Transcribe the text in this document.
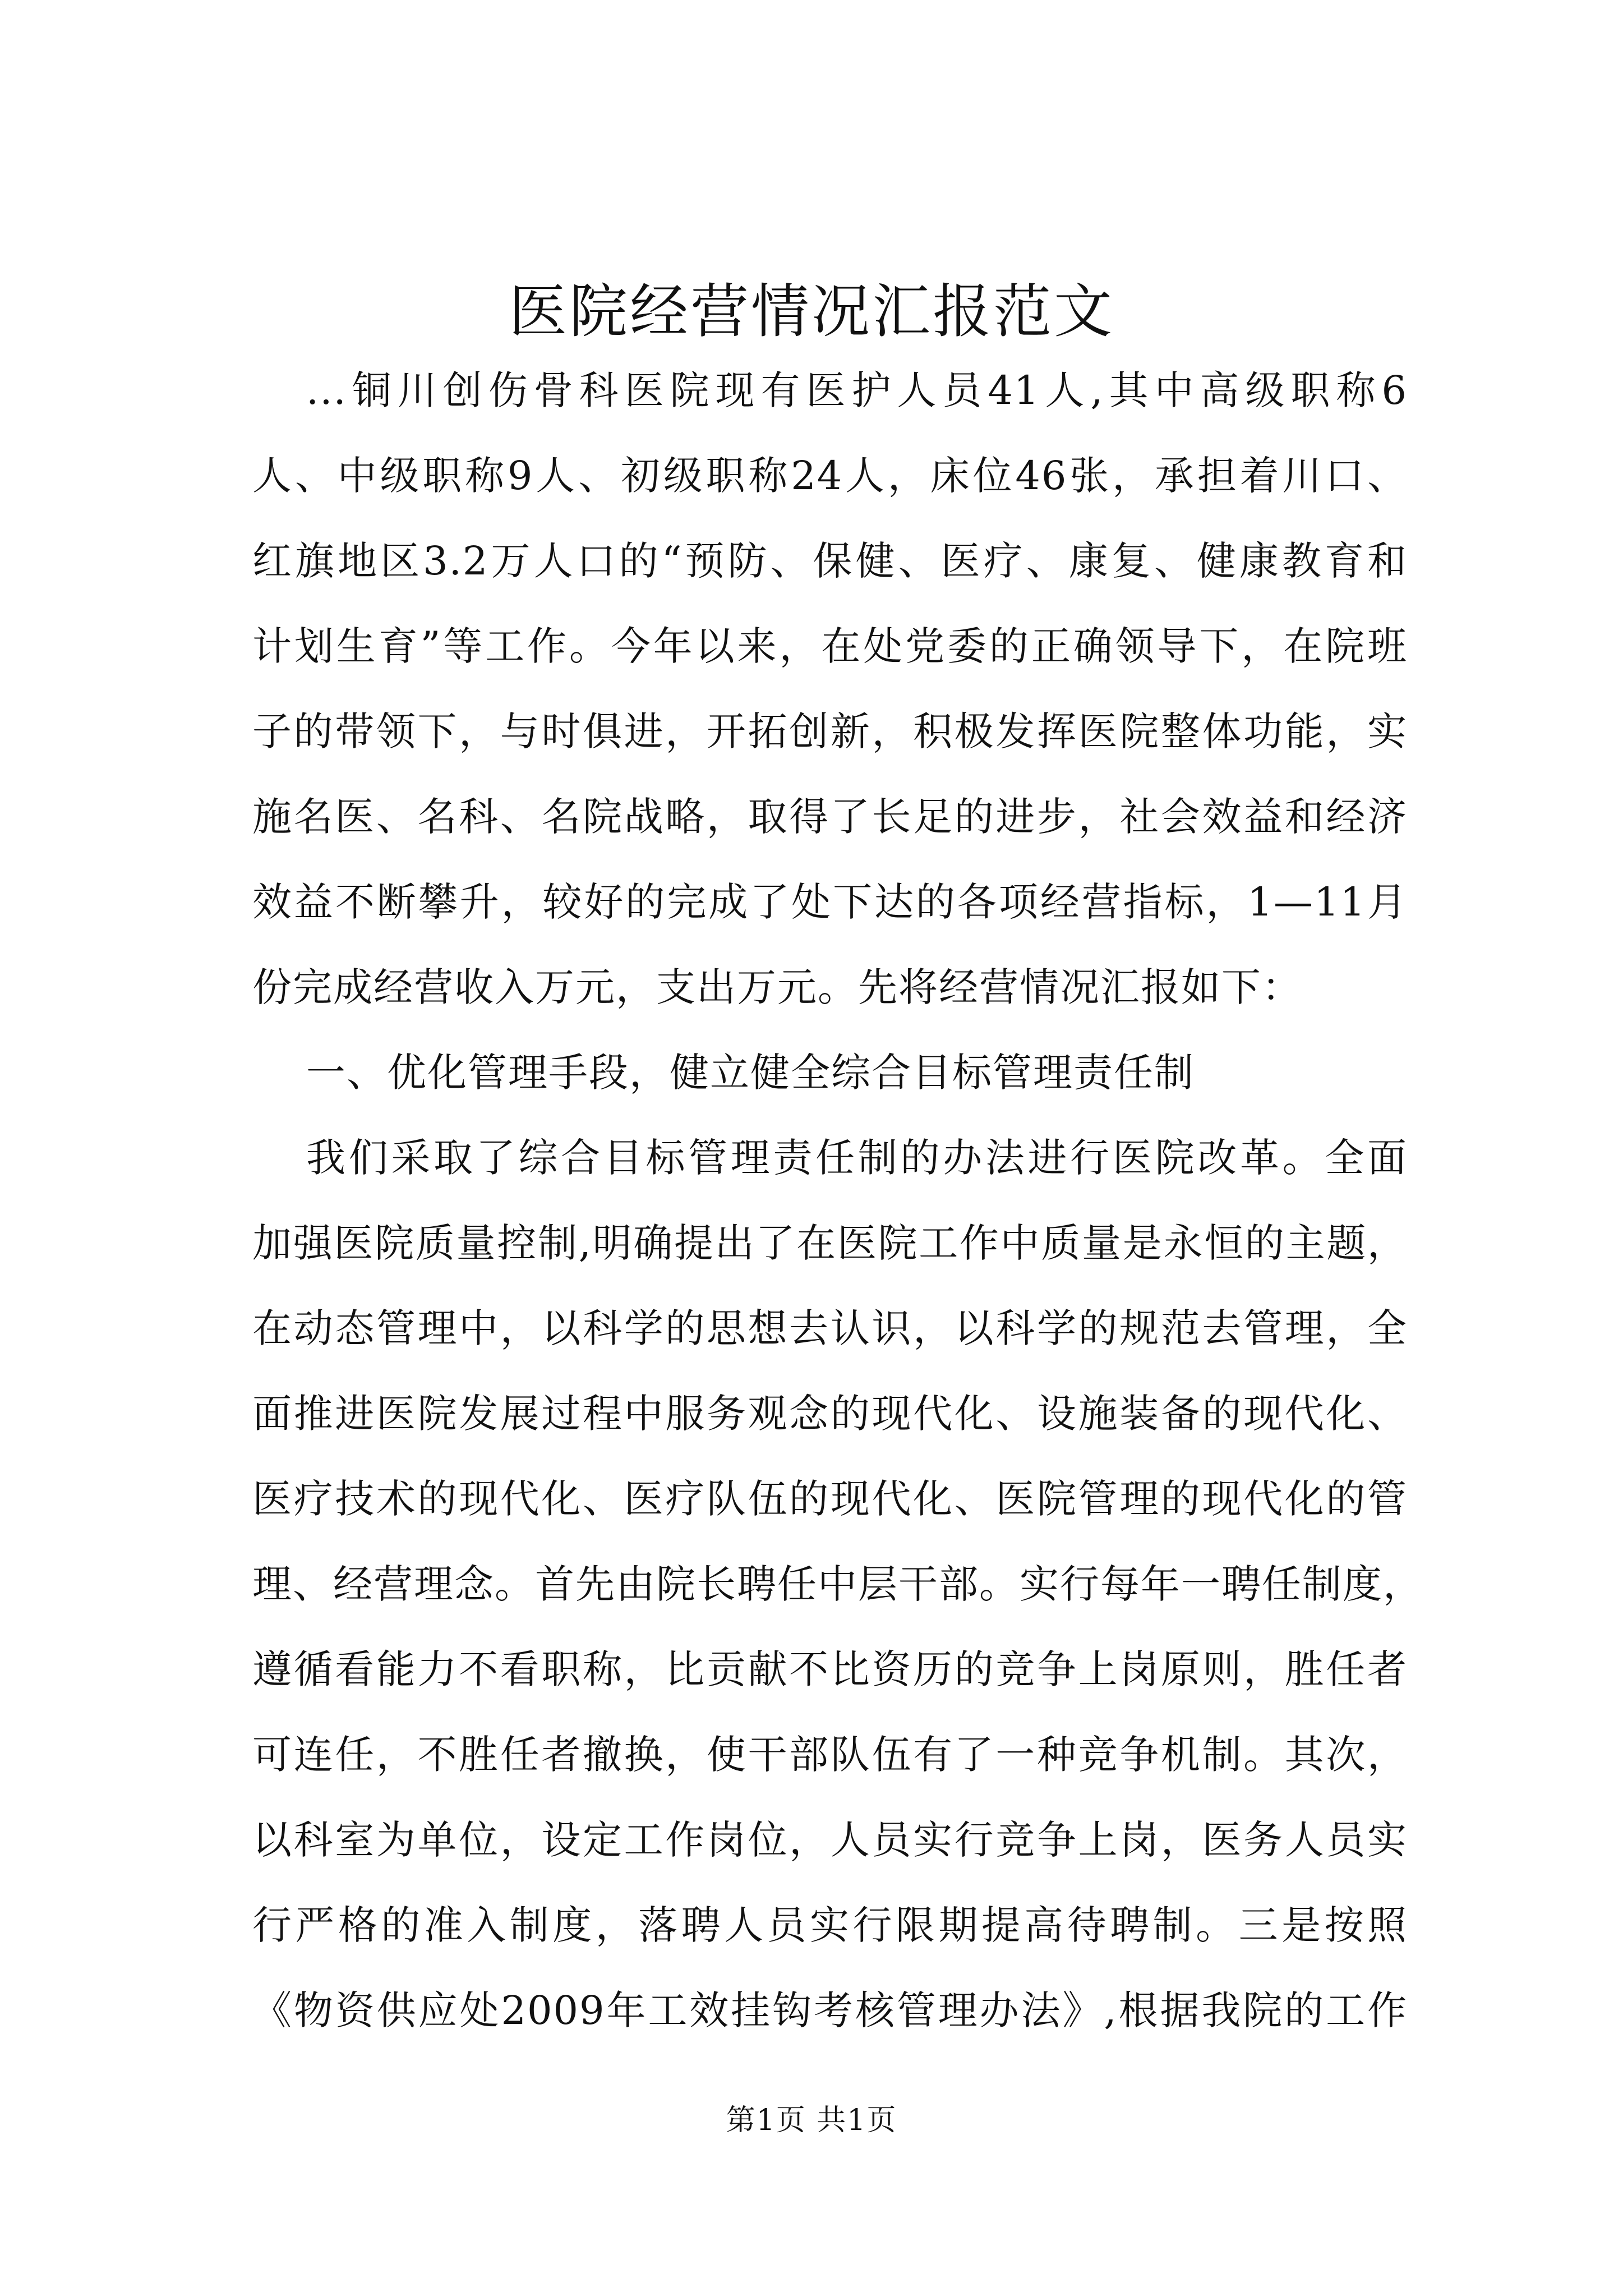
医院经营情况汇报范文
...铜川创伤骨科医院现有医护人员41人,其中高级职称6
人、中级职称9人、初级职称24人，床位46张，承担着川口、
红旗地区3.2万人口的“预防、保健、医疗、康复、健康教育和
计划生育”等工作。今年以来，在处党委的正确领导下，在院班
子的带领下，与时俱进，开拓创新，积极发挥医院整体功能，实
施名医、名科、名院战略，取得了长足的进步，社会效益和经济
效益不断攀升，较好的完成了处下达的各项经营指标，1—11月
份完成经营收入万元，支出万元。先将经营情况汇报如下：
一、优化管理手段，健立健全综合目标管理责任制
我们采取了综合目标管理责任制的办法进行医院改革。全面
加强医院质量控制,明确提出了在医院工作中质量是永恒的主题，
在动态管理中，以科学的思想去认识，以科学的规范去管理，全
面推进医院发展过程中服务观念的现代化、设施装备的现代化、
医疗技术的现代化、医疗队伍的现代化、医院管理的现代化的管
理、经营理念。首先由院长聘任中层干部。实行每年一聘任制度，
遵循看能力不看职称，比贡献不比资历的竞争上岗原则，胜任者
可连任，不胜任者撤换，使干部队伍有了一种竞争机制。其次，
以科室为单位，设定工作岗位，人员实行竞争上岗，医务人员实
行严格的准入制度，落聘人员实行限期提高待聘制。三是按照
《物资供应处2009年工效挂钩考核管理办法》,根据我院的工作
第1页 共1页
